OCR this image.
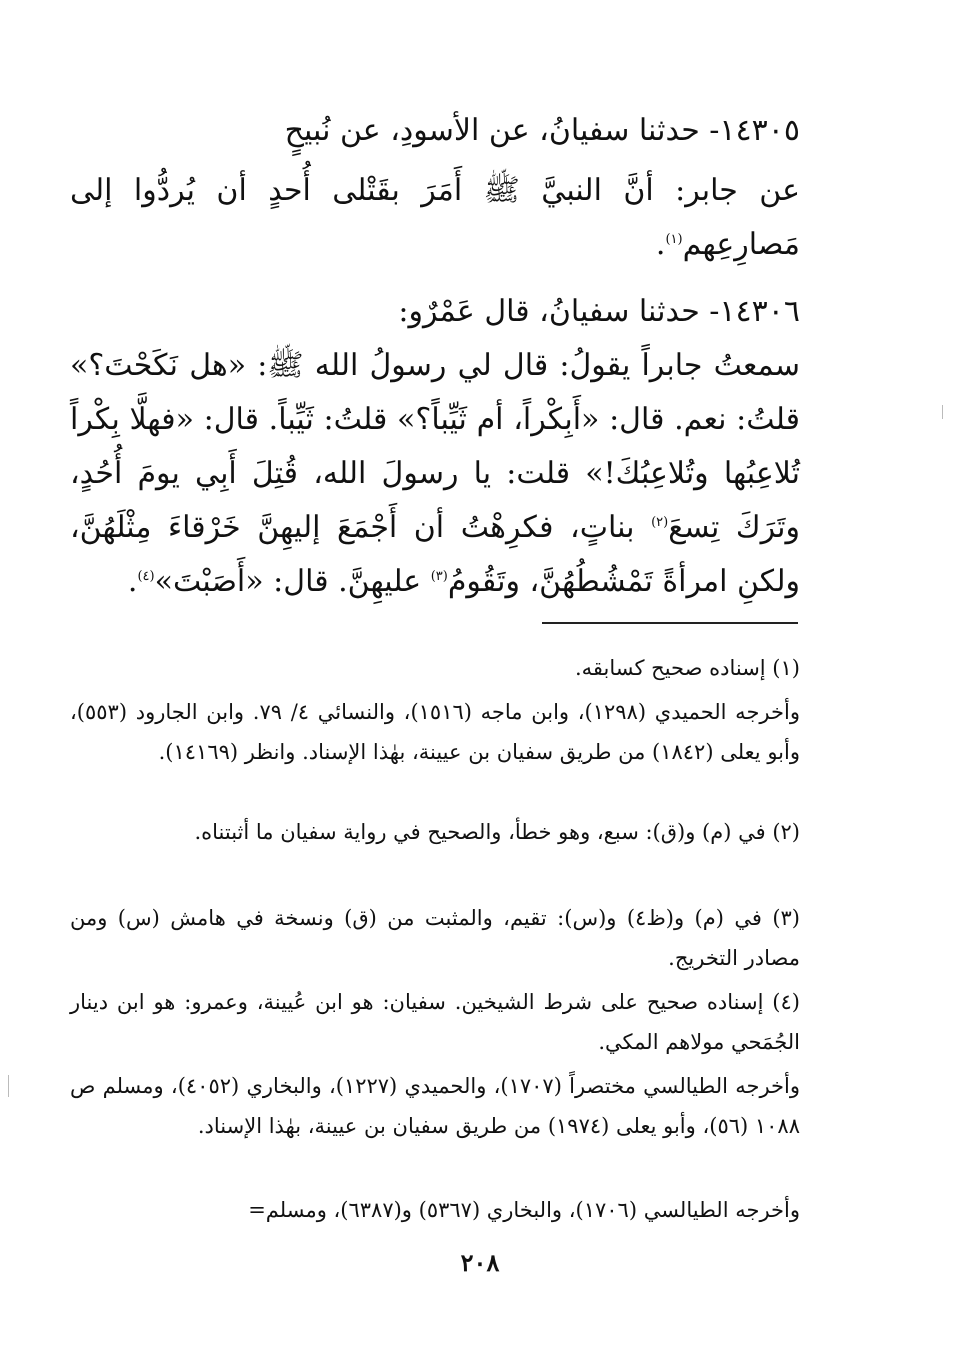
١٤٣٠٥- حدثنا سفيانُ، عن الأسودِ، عن نُبيحٍ
عن جابر: أنَّ النبيَّ ﷺ أَمَرَ بقَتْلى أُحدٍ أن يُردُّوا إلى مَصارِعِهم$^{(١)}$.
١٤٣٠٦- حدثنا سفيانُ، قال عَمْرٌو:
سمعتُ جابراً يقولُ: قال لي رسولُ الله ﷺ: «هل نَكَحْتَ؟» قلتُ: نعم. قال: «أَبِكْراً، أم ثَيِّباً؟» قلتُ: ثَيِّباً. قال: «فهلَّا بِكْراً تُلاعِبُها وتُلاعِبُكَ!» قلت: يا رسولَ الله، قُتِلَ أَبِي يومَ أُحُدٍ، وتَرَكَ تِسعَ$^{(٢)}$ بناتٍ، فكرِهْتُ أن أَجْمَعَ إليهِنَّ خَرْقاءَ مِثْلَهُنَّ، ولكنِ امرأةً تَمْشُطُهُنَّ، وتَقُومُ$^{(٣)}$ عليهِنَّ. قال: «أَصَبْتَ»$^{(٤)}$.
(١) إسناده صحيح كسابقه.
وأخرجه الحميدي (١٢٩٨)، وابن ماجه (١٥١٦)، والنسائي ٤/ ٧٩. وابن الجارود (٥٥٣)، وأبو يعلى (١٨٤٢) من طريق سفيان بن عيينة، بهٰذا الإسناد. وانظر (١٤١٦٩).
(٢) في (م) و(ق): سبع، وهو خطأ، والصحيح في رواية سفيان ما أثبتناه.
(٣) في (م) و(ظ٤) و(س): تقيم، والمثبت من (ق) ونسخة في هامش (س) ومن مصادر التخريج.
(٤) إسناده صحيح على شرط الشيخين. سفيان: هو ابن عُيينة، وعمرو: هو ابن دينار الجُمَحي مولاهم المكي.
وأخرجه الطيالسي مختصراً (١٧٠٧)، والحميدي (١٢٢٧)، والبخاري (٤٠٥٢)، ومسلم ص ١٠٨٨ (٥٦)، وأبو يعلى (١٩٧٤) من طريق سفيان بن عيينة، بهٰذا الإسناد.
وأخرجه الطيالسي (١٧٠٦)، والبخاري (٥٣٦٧) و(٦٣٨٧)، ومسلم=
٢٠٨
